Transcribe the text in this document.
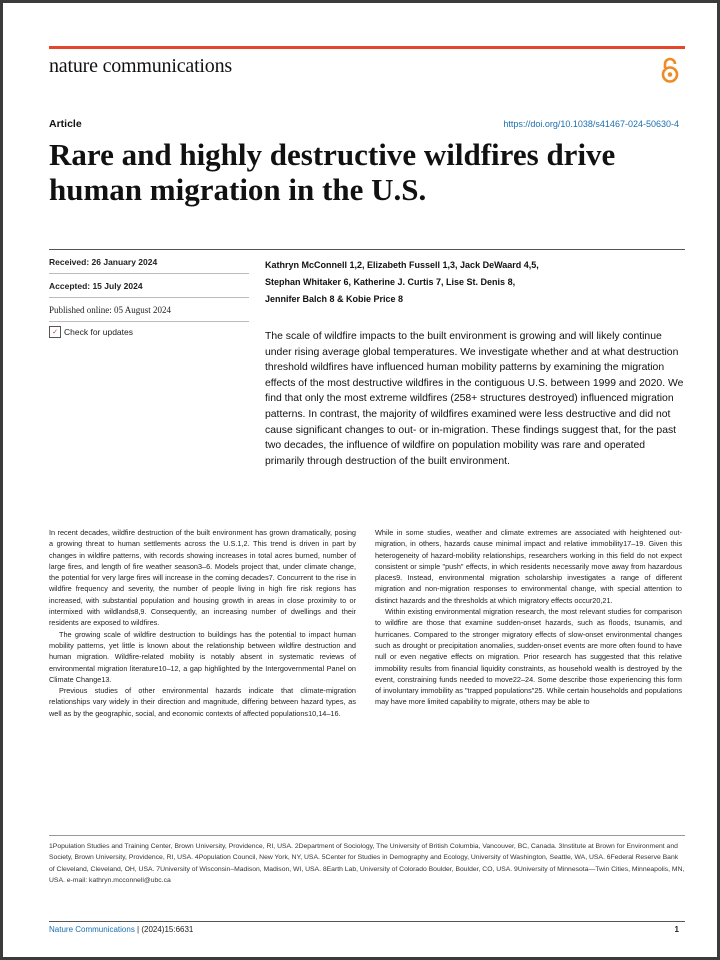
nature communications
Article	https://doi.org/10.1038/s41467-024-50630-4
Rare and highly destructive wildfires drive
human migration in the U.S.
Received: 26 January 2024
Accepted: 15 July 2024
Published online: 05 August 2024
✓ Check for updates
Kathryn McConnell 1,2, Elizabeth Fussell 1,3, Jack DeWaard 4,5,
Stephan Whitaker 6, Katherine J. Curtis 7, Lise St. Denis 8,
Jennifer Balch 8 & Kobie Price 8
The scale of wildfire impacts to the built environment is growing and will likely continue under rising average global temperatures. We investigate whether and at what destruction threshold wildfires have influenced human mobility patterns by examining the migration effects of the most destructive wildfires in the contiguous U.S. between 1999 and 2020. We find that only the most extreme wildfires (258+ structures destroyed) influenced migration patterns. In contrast, the majority of wildfires examined were less destructive and did not cause significant changes to out- or in-migration. These findings suggest that, for the past two decades, the influence of wildfire on population mobility was rare and operated primarily through destruction of the built environment.

In recent decades, wildfire destruction of the built environment has grown dramatically, posing a growing threat to human settlements across the U.S.1,2. This trend is driven in part by changes in wildfire patterns, with records showing increases in total acres burned, number of large fires, and length of fire weather season3–6. Models project that, under climate change, the potential for very large fires will increase in the coming decades7. Concurrent to the rise in wildfire frequency and severity, the number of people living in high fire risk regions has increased, with substantial population and housing growth in areas in close proximity to or intermixed with wildlands8,9. Consequently, an increasing number of dwellings and their residents are exposed to wildfires.

The growing scale of wildfire destruction to buildings has the potential to impact human mobility patterns, yet little is known about the relationship between wildfire destruction and human migration. Wildfire-related mobility is notably absent in systematic reviews of environmental migration literature10–12, a gap highlighted by the Intergovernmental Panel on Climate Change13.

Previous studies of other environmental hazards indicate that climate-migration relationships vary widely in their direction and magnitude, differing between hazard types, as well as by the geographic, social, and economic contexts of affected populations10,14–16.

While in some studies, weather and climate extremes are associated with heightened out-migration, in others, hazards cause minimal impact and relative immobility17–19. Given this heterogeneity of hazard-mobility relationships, researchers working in this field do not expect consistent or simple "push" effects, in which residents necessarily move away from hazardous places9. Instead, environmental migration scholarship investigates a range of different migration and non-migration responses to environmental change, with special attention to distinct hazards and the thresholds at which migratory effects occur20,21.

Within existing environmental migration research, the most relevant studies for comparison to wildfire are those that examine sudden-onset hazards, such as floods, tsunamis, and hurricanes. Compared to the stronger migratory effects of slow-onset environmental changes such as drought or precipitation anomalies, sudden-onset events are more often found to have null or even negative effects on migration. Prior research has suggested that this relative immobility results from financial liquidity constraints, as household wealth is destroyed by the event, constraining funds needed to move22–24. Some describe those experiencing this form of involuntary immobility as "trapped populations"25. While certain households and populations may have more limited capability to migrate, others may be able to

1Population Studies and Training Center, Brown University, Providence, RI, USA. 2Department of Sociology, The University of British Columbia, Vancouver, BC, Canada. 3Institute at Brown for Environment and Society, Brown University, Providence, RI, USA. 4Population Council, New York, NY, USA. 5Center for Studies in Demography and Ecology, University of Washington, Seattle, WA, USA. 6Federal Reserve Bank of Cleveland, Cleveland, OH, USA. 7University of Wisconsin–Madison, Madison, WI, USA. 8Earth Lab, University of Colorado Boulder, Boulder, CO, USA. 9University of Minnesota—Twin Cities, Minneapolis, MN, USA. e-mail: kathryn.mcconnell@ubc.ca
Nature Communications | (2024)15:6631	1
